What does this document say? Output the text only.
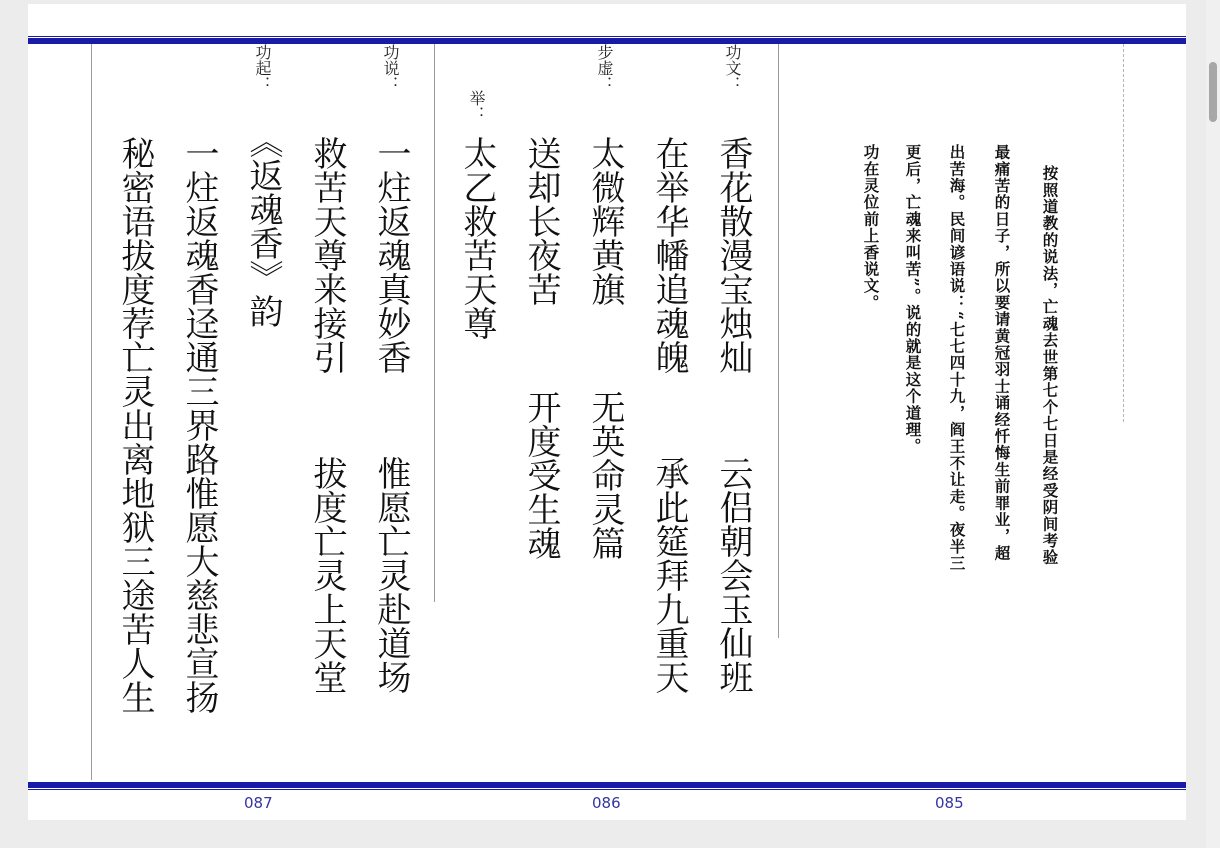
按照道教的说法，亡魂去世第七个七日是经受阴间考验
最痛苦的日子，所以要请黄冠羽士诵经忏悔生前罪业，超
出苦海。民间谚语说：“七七四十九，阎王不让走。夜半三
更后，亡魂来叫苦”。说的就是这个道理。
功在灵位前上香说文。
功文：
香花散漫宝烛灿
云侣朝会玉仙班
在举华幡追魂魄
承此筵拜九重天
步虚：
太微辉黄旗
无英命灵篇
送却长夜苦
开度受生魂
举：
太乙救苦天尊
功说：
一炷返魂真妙香
惟愿亡灵赴道场
救苦天尊来接引
拔度亡灵上天堂
功起：
《返魂香》韵
一炷返魂香迳通三界路惟愿大慈悲宣扬
秘密语拔度荐亡灵出离地狱三途苦人生
087	086	085
